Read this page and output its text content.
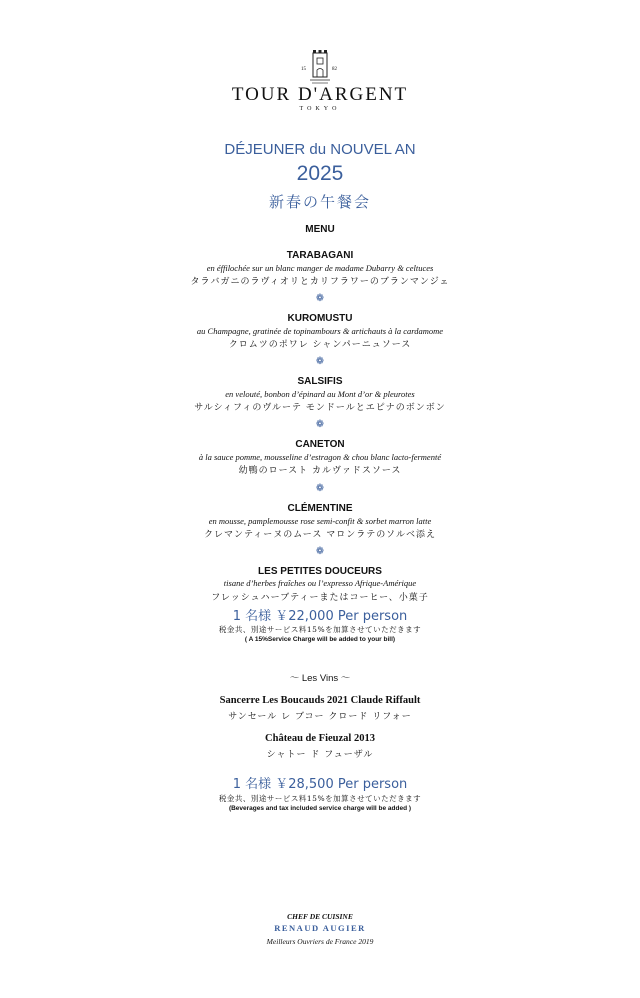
15	82
TOUR D'ARGENT
TOKYO
DÉJEUNER du NOUVEL AN
2025
新春の午餐会
MENU
TARABAGANI
en éffilochée sur un blanc manger de madame Dubarry & celtuces
タラバガニのラヴィオリとカリフラワーのブランマンジェ
❁
KUROMUSTU
au Champagne, gratinée de topinambours & artichauts à la cardamome
クロムツのポワレ シャンパーニュソース
❁
SALSIFIS
en velouté, bonbon d’épinard au Mont d’or & pleurotes
サルシィフィのヴルーテ モンドールとエピナのボンボン
❁
CANETON
à la sauce pomme, mousseline d’estragon & chou blanc lacto-fermenté
幼鴨のロースト カルヴァドスソース
❁
CLÉMENTINE
en mousse, pamplemousse rose semi-confit & sorbet marron latte
クレマンティーヌのムース マロンラテのソルベ添え
❁
LES PETITES DOUCEURS
tisane d’herbes fraîches ou l’expresso Afrique-Amérique
フレッシュハーブティーまたはコーヒー、小菓子
1 名様 ￥22,000 Per person
税金共、別途サービス料15%を加算させていただきます
( A 15%Service Charge will be added to your bill)
～ Les Vins ～
Sancerre Les Boucauds 2021 Claude Riffault
サンセール レ ブコー クロード リフォー
Château de Fieuzal 2013
シャトー ド フューザル
1 名様 ￥28,500 Per person
税金共、別途サービス料15%を加算させていただきます
(Beverages and tax included service charge will be added )
CHEF DE CUISINE
RENAUD AUGIER
Meilleurs Ouvriers de France 2019
